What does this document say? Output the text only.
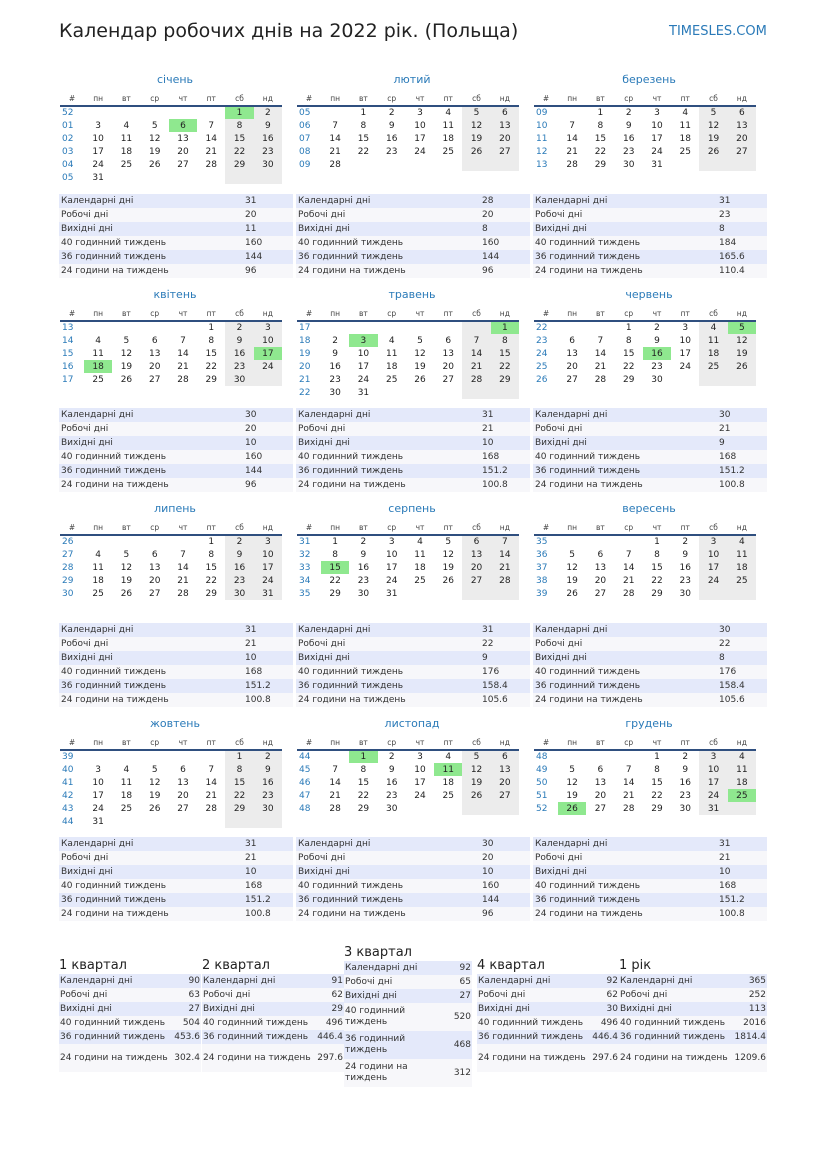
Календар робочих днів на 2022 рік. (Польща)	TIMESLES.COM
січень
#	пн	вт	ср	чт	пт	сб	нд
52						1	2
01	3	4	5	6	7	8	9
02	10	11	12	13	14	15	16
03	17	18	19	20	21	22	23
04	24	25	26	27	28	29	30
05	31						
Календарні дні	31
Робочі дні	20
Вихідні дні	11
40 годинний тиждень	160
36 годинний тиждень	144
24 години на тиждень	96
лютий
#	пн	вт	ср	чт	пт	сб	нд
05		1	2	3	4	5	6
06	7	8	9	10	11	12	13
07	14	15	16	17	18	19	20
08	21	22	23	24	25	26	27
09	28						
Календарні дні	28
Робочі дні	20
Вихідні дні	8
40 годинний тиждень	160
36 годинний тиждень	144
24 години на тиждень	96
березень
#	пн	вт	ср	чт	пт	сб	нд
09		1	2	3	4	5	6
10	7	8	9	10	11	12	13
11	14	15	16	17	18	19	20
12	21	22	23	24	25	26	27
13	28	29	30	31			
Календарні дні	31
Робочі дні	23
Вихідні дні	8
40 годинний тиждень	184
36 годинний тиждень	165.6
24 години на тиждень	110.4
квітень
#	пн	вт	ср	чт	пт	сб	нд
13					1	2	3
14	4	5	6	7	8	9	10
15	11	12	13	14	15	16	17
16	18	19	20	21	22	23	24
17	25	26	27	28	29	30	
Календарні дні	30
Робочі дні	20
Вихідні дні	10
40 годинний тиждень	160
36 годинний тиждень	144
24 години на тиждень	96
травень
#	пн	вт	ср	чт	пт	сб	нд
17							1
18	2	3	4	5	6	7	8
19	9	10	11	12	13	14	15
20	16	17	18	19	20	21	22
21	23	24	25	26	27	28	29
22	30	31					
Календарні дні	31
Робочі дні	21
Вихідні дні	10
40 годинний тиждень	168
36 годинний тиждень	151.2
24 години на тиждень	100.8
червень
#	пн	вт	ср	чт	пт	сб	нд
22			1	2	3	4	5
23	6	7	8	9	10	11	12
24	13	14	15	16	17	18	19
25	20	21	22	23	24	25	26
26	27	28	29	30			
Календарні дні	30
Робочі дні	21
Вихідні дні	9
40 годинний тиждень	168
36 годинний тиждень	151.2
24 години на тиждень	100.8
липень
#	пн	вт	ср	чт	пт	сб	нд
26					1	2	3
27	4	5	6	7	8	9	10
28	11	12	13	14	15	16	17
29	18	19	20	21	22	23	24
30	25	26	27	28	29	30	31
Календарні дні	31
Робочі дні	21
Вихідні дні	10
40 годинний тиждень	168
36 годинний тиждень	151.2
24 години на тиждень	100.8
серпень
#	пн	вт	ср	чт	пт	сб	нд
31	1	2	3	4	5	6	7
32	8	9	10	11	12	13	14
33	15	16	17	18	19	20	21
34	22	23	24	25	26	27	28
35	29	30	31				
Календарні дні	31
Робочі дні	22
Вихідні дні	9
40 годинний тиждень	176
36 годинний тиждень	158.4
24 години на тиждень	105.6
вересень
#	пн	вт	ср	чт	пт	сб	нд
35				1	2	3	4
36	5	6	7	8	9	10	11
37	12	13	14	15	16	17	18
38	19	20	21	22	23	24	25
39	26	27	28	29	30		
Календарні дні	30
Робочі дні	22
Вихідні дні	8
40 годинний тиждень	176
36 годинний тиждень	158.4
24 години на тиждень	105.6
жовтень
#	пн	вт	ср	чт	пт	сб	нд
39						1	2
40	3	4	5	6	7	8	9
41	10	11	12	13	14	15	16
42	17	18	19	20	21	22	23
43	24	25	26	27	28	29	30
44	31						
Календарні дні	31
Робочі дні	21
Вихідні дні	10
40 годинний тиждень	168
36 годинний тиждень	151.2
24 години на тиждень	100.8
листопад
#	пн	вт	ср	чт	пт	сб	нд
44		1	2	3	4	5	6
45	7	8	9	10	11	12	13
46	14	15	16	17	18	19	20
47	21	22	23	24	25	26	27
48	28	29	30				
Календарні дні	30
Робочі дні	20
Вихідні дні	10
40 годинний тиждень	160
36 годинний тиждень	144
24 години на тиждень	96
грудень
#	пн	вт	ср	чт	пт	сб	нд
48				1	2	3	4
49	5	6	7	8	9	10	11
50	12	13	14	15	16	17	18
51	19	20	21	22	23	24	25
52	26	27	28	29	30	31	
Календарні дні	31
Робочі дні	21
Вихідні дні	10
40 годинний тиждень	168
36 годинний тиждень	151.2
24 години на тиждень	100.8
1 квартал
Календарні дні	90
Робочі дні	63
Вихідні дні	27
40 годинний тиждень	504
36 годинний тиждень	453.6
24 години на тиждень	302.4
2 квартал
Календарні дні	91
Робочі дні	62
Вихідні дні	29
40 годинний тиждень	496
36 годинний тиждень	446.4
24 години на тиждень	297.6
3 квартал
Календарні дні	92
Робочі дні	65
Вихідні дні	27
40 годинний тиждень	520
36 годинний тиждень	468
24 години на тиждень	312
4 квартал
Календарні дні	92
Робочі дні	62
Вихідні дні	30
40 годинний тиждень	496
36 годинний тиждень	446.4
24 години на тиждень	297.6
1 рік
Календарні дні	365
Робочі дні	252
Вихідні дні	113
40 годинний тиждень	2016
36 годинний тиждень	1814.4
24 години на тиждень	1209.6
